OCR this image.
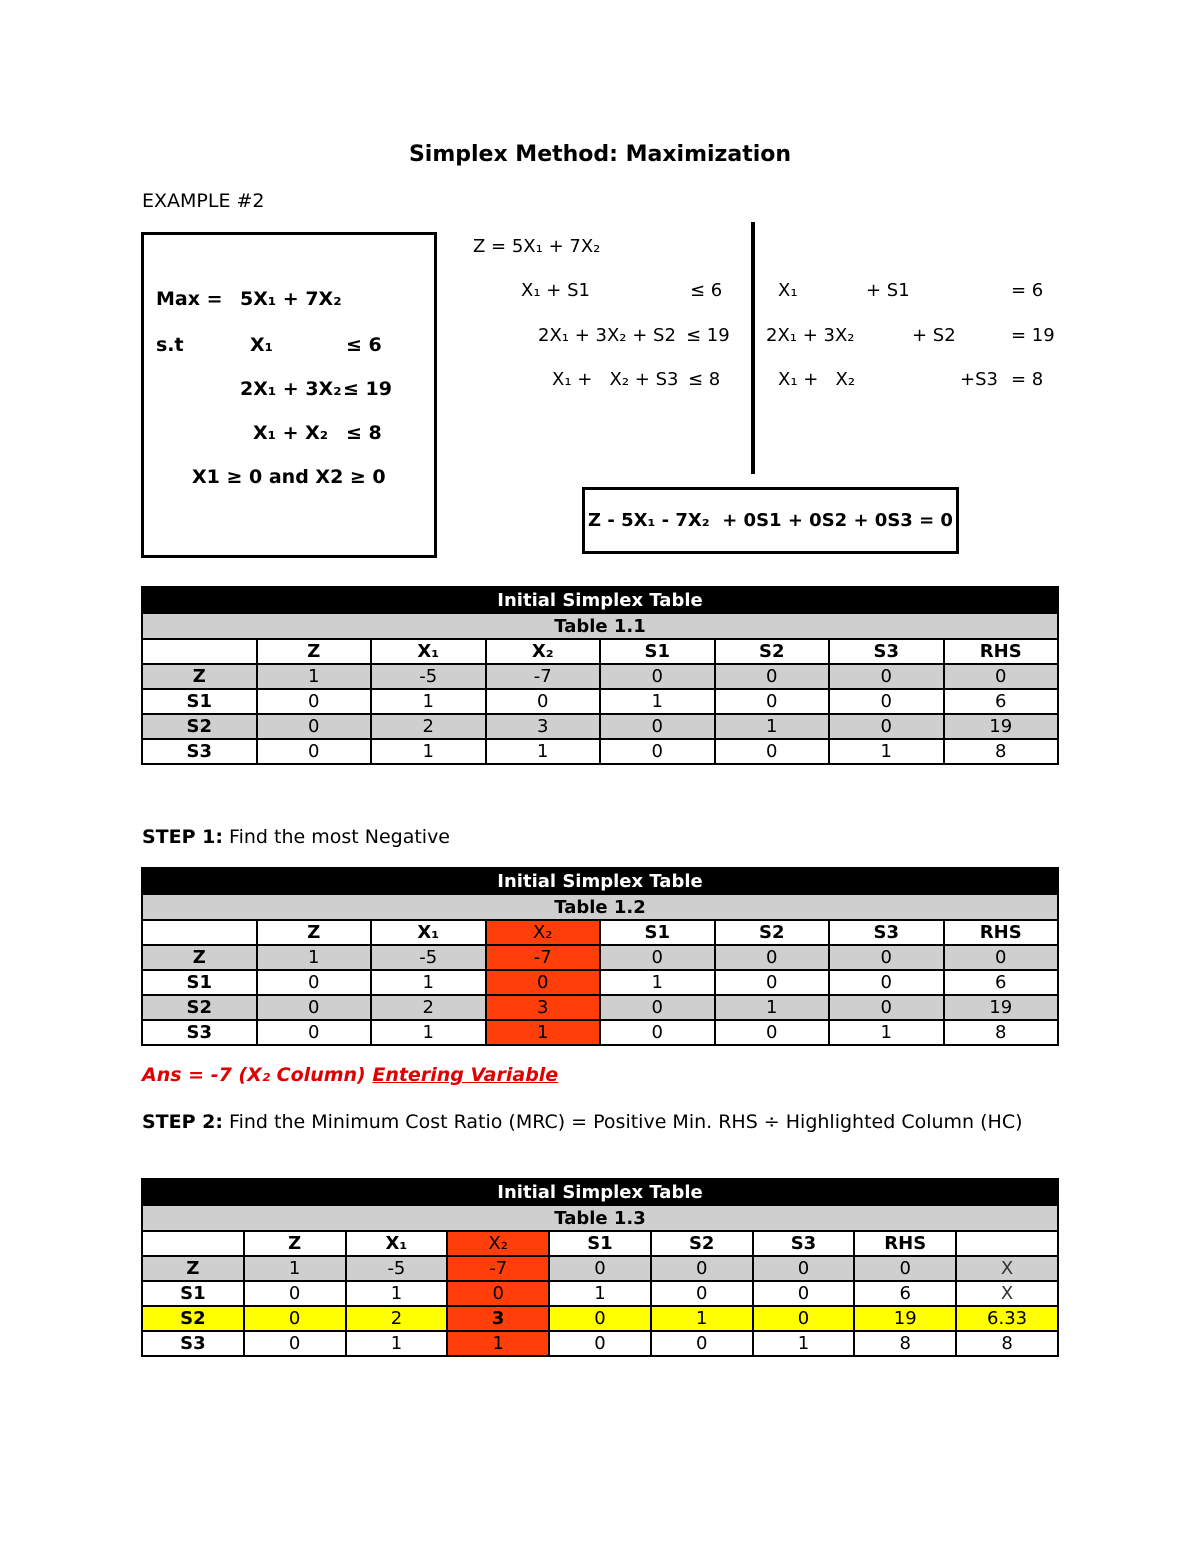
Simplex Method: Maximization
EXAMPLE #2
Max = 5X₁ + 7X₂
s.t	X₁	≤ 6
2X₁ + 3X₂ ≤ 19
X₁ + X₂ ≤ 8
X1 ≥ 0 and X2 ≥ 0
Z = 5X₁ + 7X₂
X₁ + S1	≤ 6
2X₁ + 3X₂ + S2 ≤ 19
X₁ +   X₂ + S3 ≤ 8
X₁	+ S1	= 6
2X₁ + 3X₂	+ S2	= 19
X₁ +   X₂	+S3 = 8
Z - 5X₁ - 7X₂  + 0S1 + 0S2 + 0S3 = 0
Initial Simplex Table							
Table 1.1							
	Z	X₁	X₂	S1	S2	S3	RHS
Z	1	-5	-7	0	0	0	0
S1	0	1	0	1	0	0	6
S2	0	2	3	0	1	0	19
S3	0	1	1	0	0	1	8
STEP 1: Find the most Negative
Initial Simplex Table							
Table 1.2							
	Z	X₁	X₂	S1	S2	S3	RHS
Z	1	-5	-7	0	0	0	0
S1	0	1	0	1	0	0	6
S2	0	2	3	0	1	0	19
S3	0	1	1	0	0	1	8
Ans = -7 (X₂ Column) Entering Variable
STEP 2: Find the Minimum Cost Ratio (MRC) = Positive Min. RHS ÷ Highlighted Column (HC)
Initial Simplex Table								
Table 1.3								
	Z	X₁	X₂	S1	S2	S3	RHS	
Z	1	-5	-7	0	0	0	0	X
S1	0	1	0	1	0	0	6	X
S2	0	2	3	0	1	0	19	6.33
S3	0	1	1	0	0	1	8	8
